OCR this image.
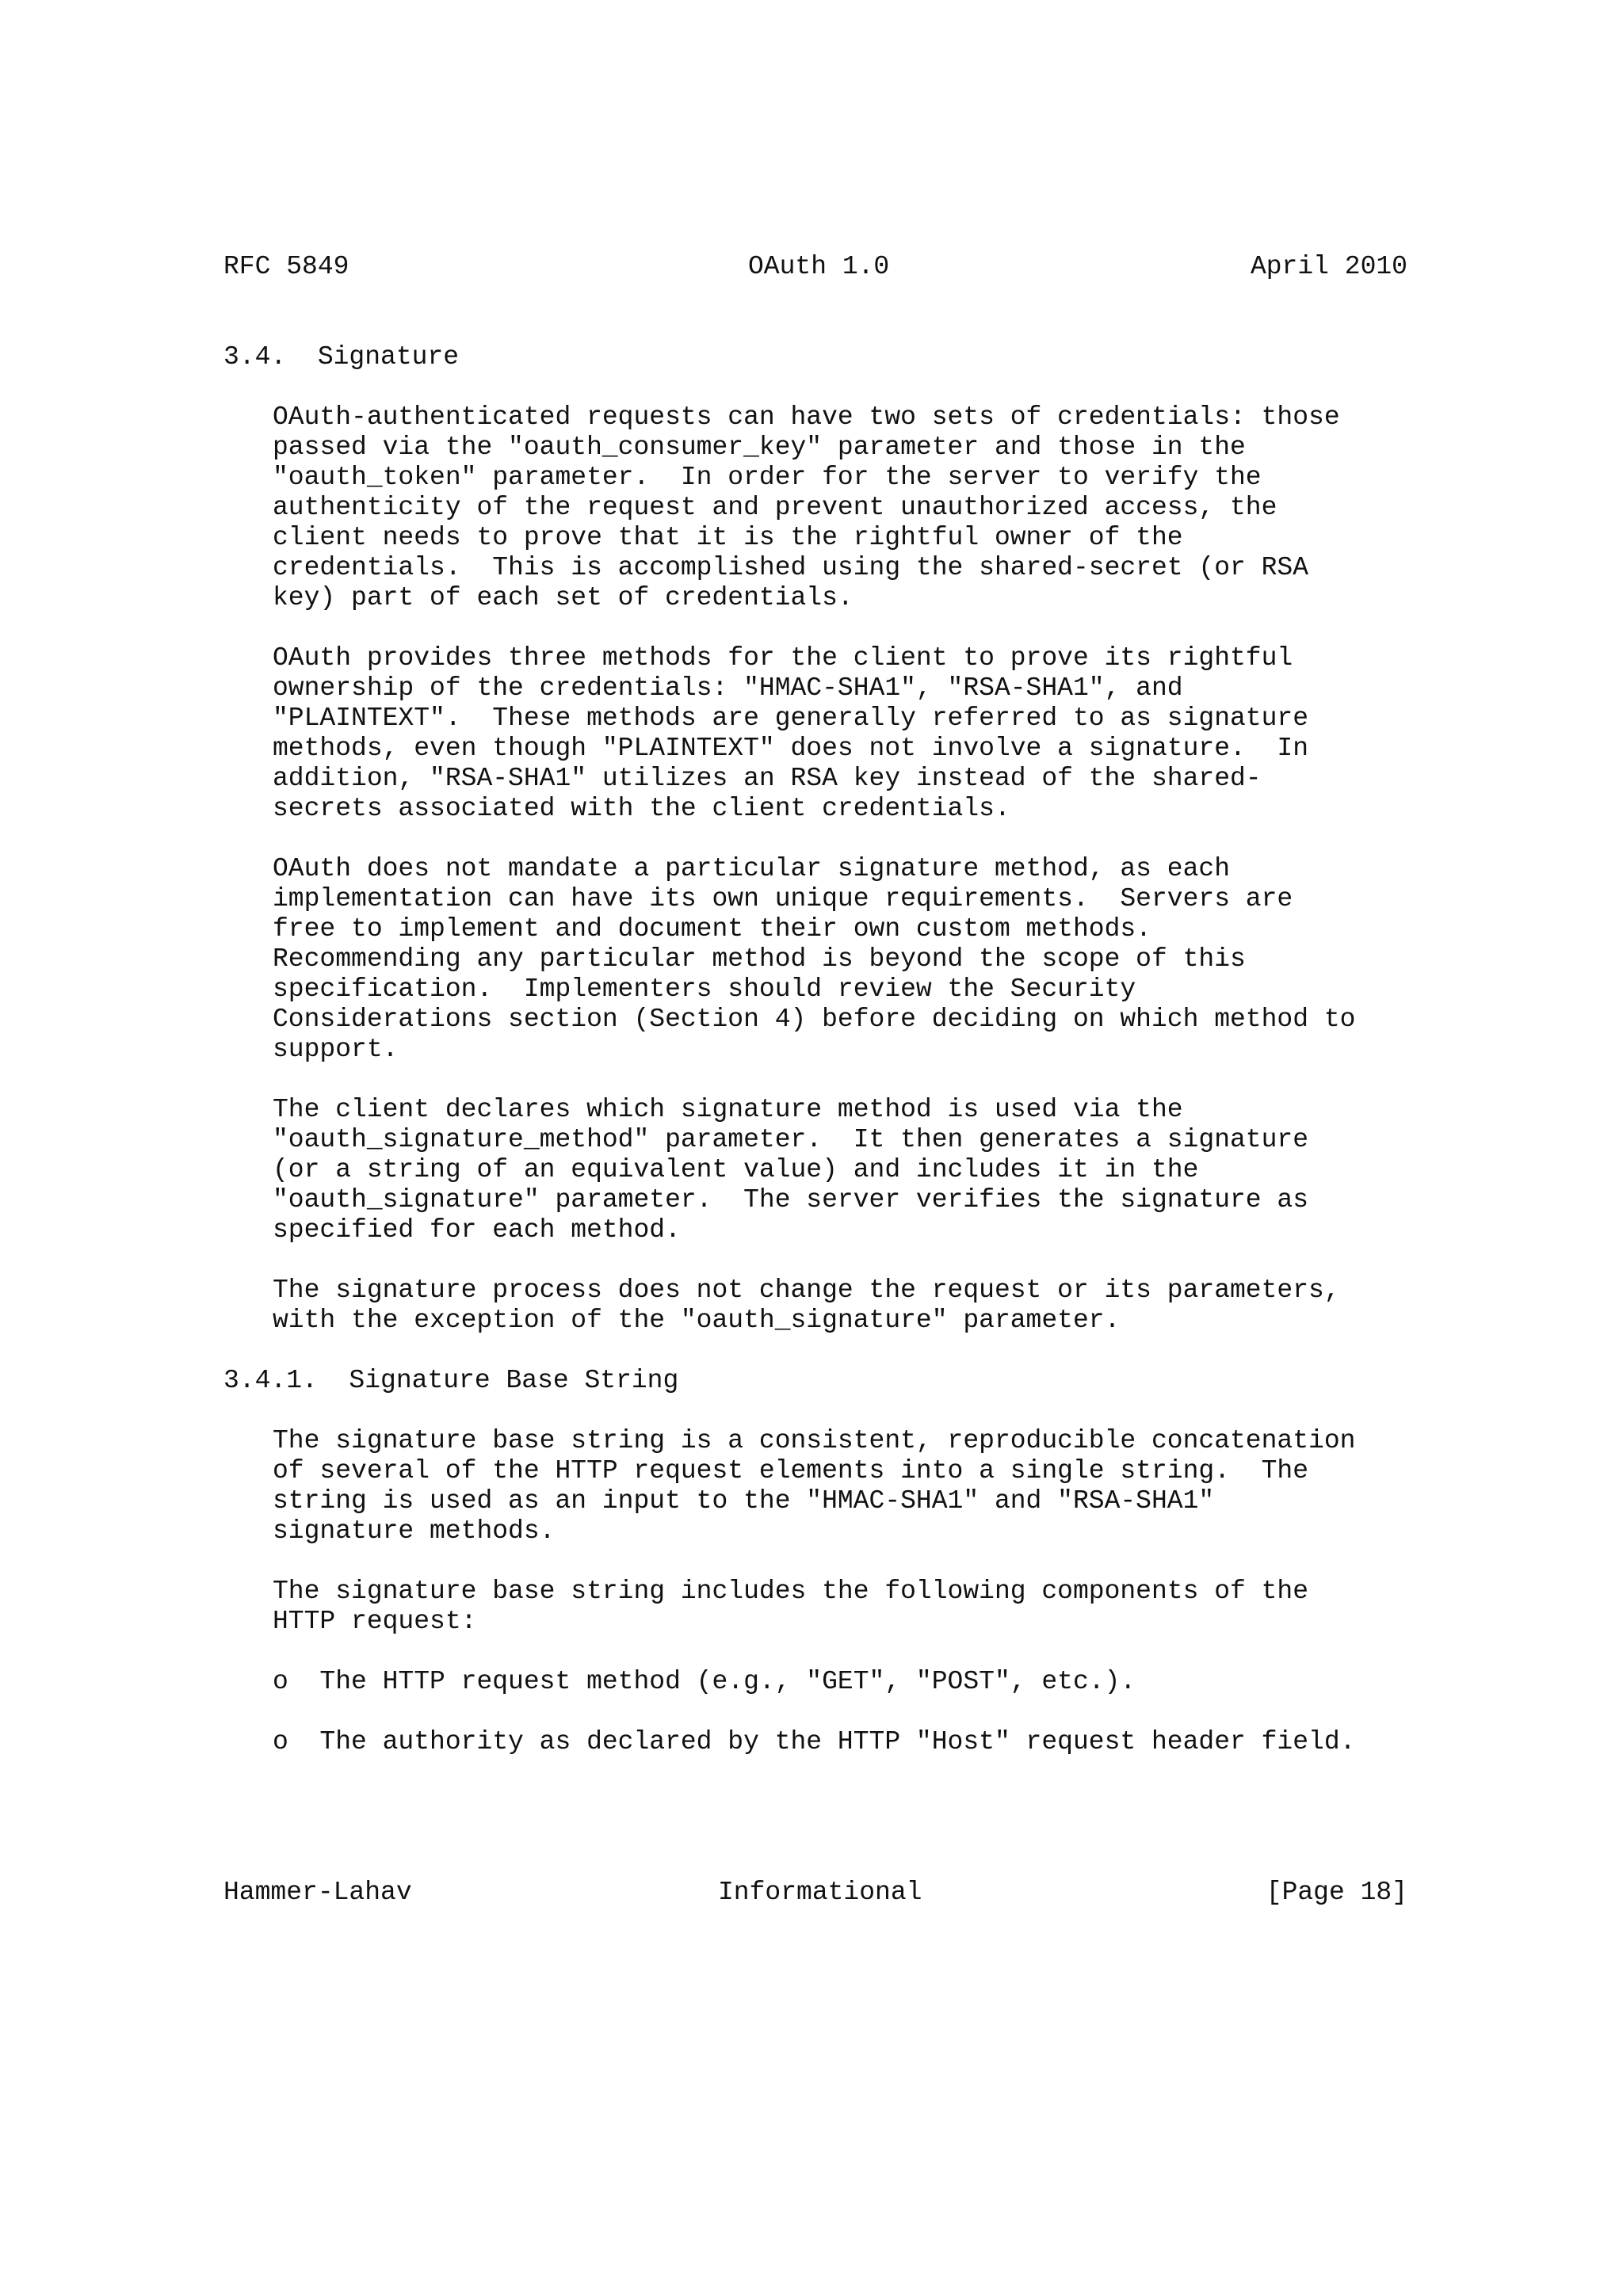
RFC 5849	OAuth 1.0	April 2010
3.4.  Signature
OAuth-authenticated requests can have two sets of credentials: those
passed via the "oauth_consumer_key" parameter and those in the
"oauth_token" parameter.  In order for the server to verify the
authenticity of the request and prevent unauthorized access, the
client needs to prove that it is the rightful owner of the
credentials.  This is accomplished using the shared-secret (or RSA
key) part of each set of credentials.
OAuth provides three methods for the client to prove its rightful
ownership of the credentials: "HMAC-SHA1", "RSA-SHA1", and
"PLAINTEXT".  These methods are generally referred to as signature
methods, even though "PLAINTEXT" does not involve a signature.  In
addition, "RSA-SHA1" utilizes an RSA key instead of the shared-
secrets associated with the client credentials.
OAuth does not mandate a particular signature method, as each
implementation can have its own unique requirements.  Servers are
free to implement and document their own custom methods.
Recommending any particular method is beyond the scope of this
specification.  Implementers should review the Security
Considerations section (Section 4) before deciding on which method to
support.
The client declares which signature method is used via the
"oauth_signature_method" parameter.  It then generates a signature
(or a string of an equivalent value) and includes it in the
"oauth_signature" parameter.  The server verifies the signature as
specified for each method.
The signature process does not change the request or its parameters,
with the exception of the "oauth_signature" parameter.
3.4.1.  Signature Base String
The signature base string is a consistent, reproducible concatenation
of several of the HTTP request elements into a single string.  The
string is used as an input to the "HMAC-SHA1" and "RSA-SHA1"
signature methods.
The signature base string includes the following components of the
HTTP request:
o  The HTTP request method (e.g., "GET", "POST", etc.).
o  The authority as declared by the HTTP "Host" request header field.
Hammer-Lahav	Informational	[Page 18]
